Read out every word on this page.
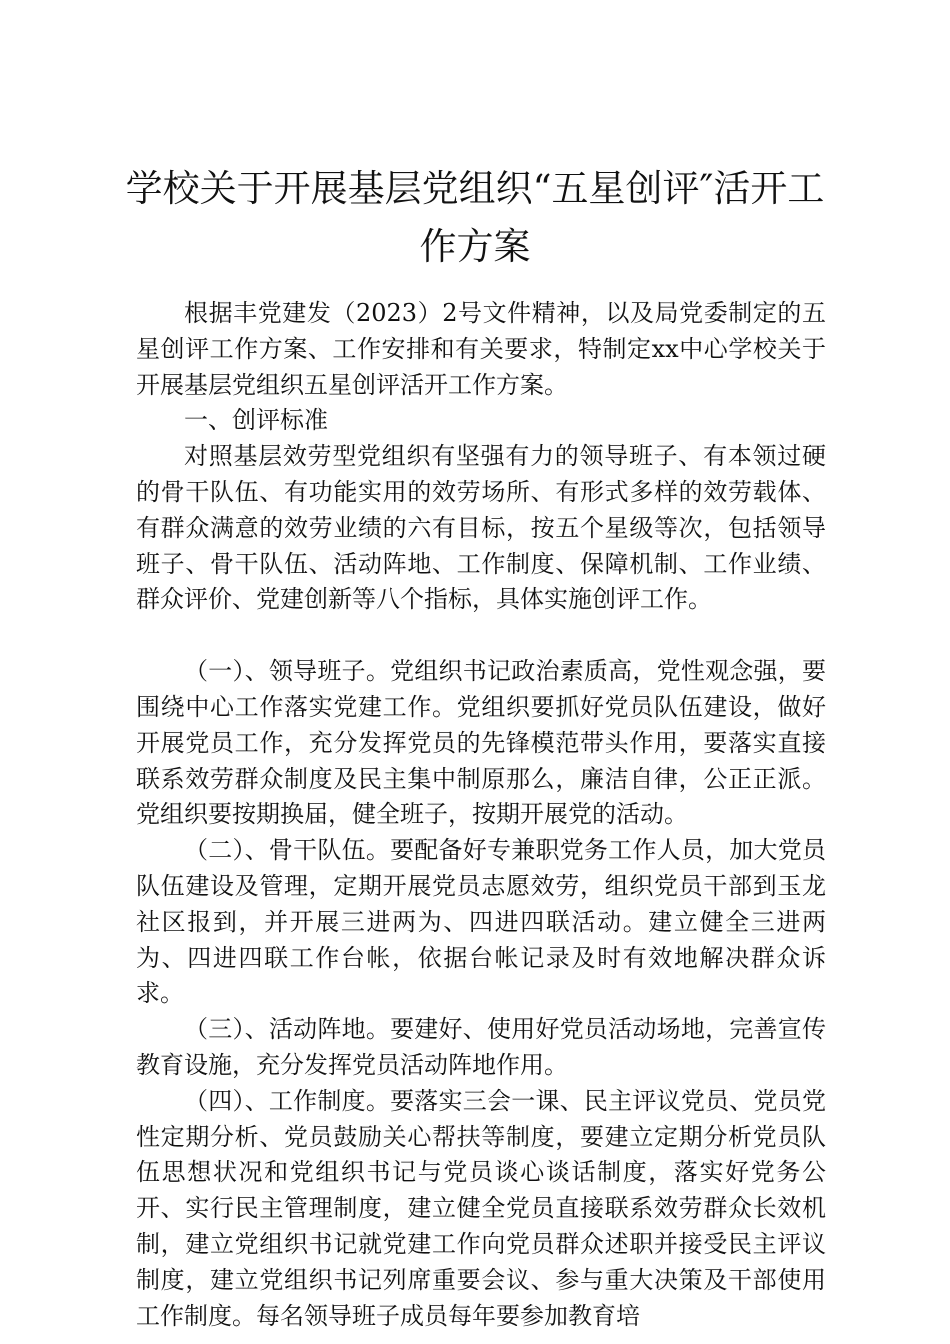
学校关于开展基层党组织“五星创评″活开工作方案

根据丰党建发（2023）2号文件精神，以及局党委制定的五星创评工作方案、工作安排和有关要求，特制定xx中心学校关于开展基层党组织五星创评活开工作方案。

一、创评标准

对照基层效劳型党组织有坚强有力的领导班子、有本领过硬的骨干队伍、有功能实用的效劳场所、有形式多样的效劳载体、有群众满意的效劳业绩的六有目标，按五个星级等次，包括领导班子、骨干队伍、活动阵地、工作制度、保障机制、工作业绩、群众评价、党建创新等八个指标，具体实施创评工作。

（一）、领导班子。党组织书记政治素质高，党性观念强，要围绕中心工作落实党建工作。党组织要抓好党员队伍建设，做好开展党员工作，充分发挥党员的先锋模范带头作用，要落实直接联系效劳群众制度及民主集中制原那么，廉洁自律，公正正派。党组织要按期换届，健全班子，按期开展党的活动。

（二）、骨干队伍。要配备好专兼职党务工作人员，加大党员队伍建设及管理，定期开展党员志愿效劳，组织党员干部到玉龙社区报到，并开展三进两为、四进四联活动。建立健全三进两为、四进四联工作台帐，依据台帐记录及时有效地解决群众诉求。

（三）、活动阵地。要建好、使用好党员活动场地，完善宣传教育设施，充分发挥党员活动阵地作用。

（四）、工作制度。要落实三会一课、民主评议党员、党员党性定期分析、党员鼓励关心帮扶等制度，要建立定期分析党员队伍思想状况和党组织书记与党员谈心谈话制度，落实好党务公开、实行民主管理制度，建立健全党员直接联系效劳群众长效机制，建立党组织书记就党建工作向党员群众述职并接受民主评议制度，建立党组织书记列席重要会议、参与重大决策及干部使用工作制度。每名领导班子成员每年要参加教育培
